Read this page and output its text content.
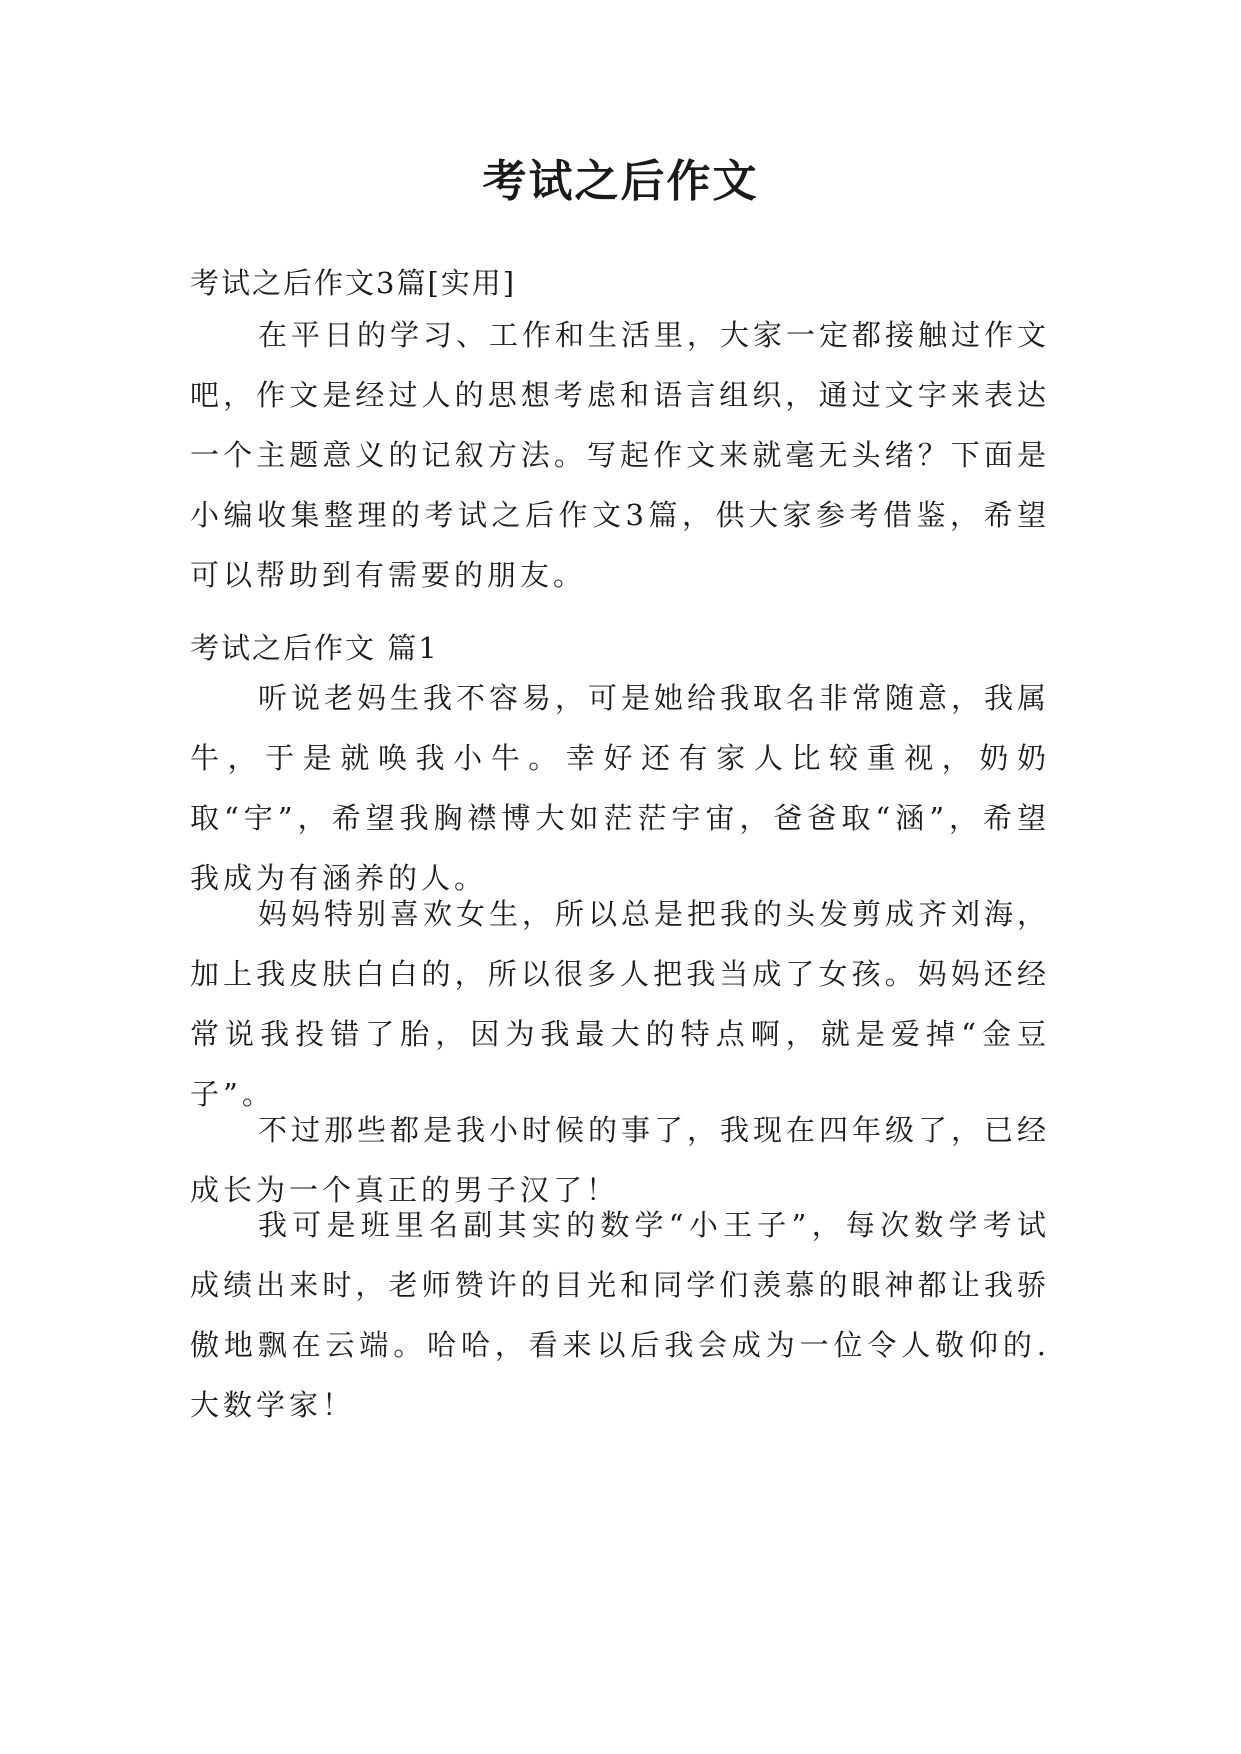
考试之后作文
考试之后作文3篇[实用]
在平日的学习、工作和生活里，大家一定都接触过作文吧，作文是经过人的思想考虑和语言组织，通过文字来表达一个主题意义的记叙方法。写起作文来就毫无头绪？下面是小编收集整理的考试之后作文3篇，供大家参考借鉴，希望可以帮助到有需要的朋友。
考试之后作文 篇1
听说老妈生我不容易，可是她给我取名非常随意，我属牛，于是就唤我小牛。幸好还有家人比较重视，奶奶取“宇”，希望我胸襟博大如茫茫宇宙，爸爸取“涵”，希望我成为有涵养的人。
妈妈特别喜欢女生，所以总是把我的头发剪成齐刘海，加上我皮肤白白的，所以很多人把我当成了女孩。妈妈还经常说我投错了胎，因为我最大的特点啊，就是爱掉“金豆子”。
不过那些都是我小时候的事了，我现在四年级了，已经成长为一个真正的男子汉了！
我可是班里名副其实的数学“小王子”，每次数学考试成绩出来时，老师赞许的目光和同学们羡慕的眼神都让我骄傲地飘在云端。哈哈，看来以后我会成为一位令人敬仰的.大数学家！
